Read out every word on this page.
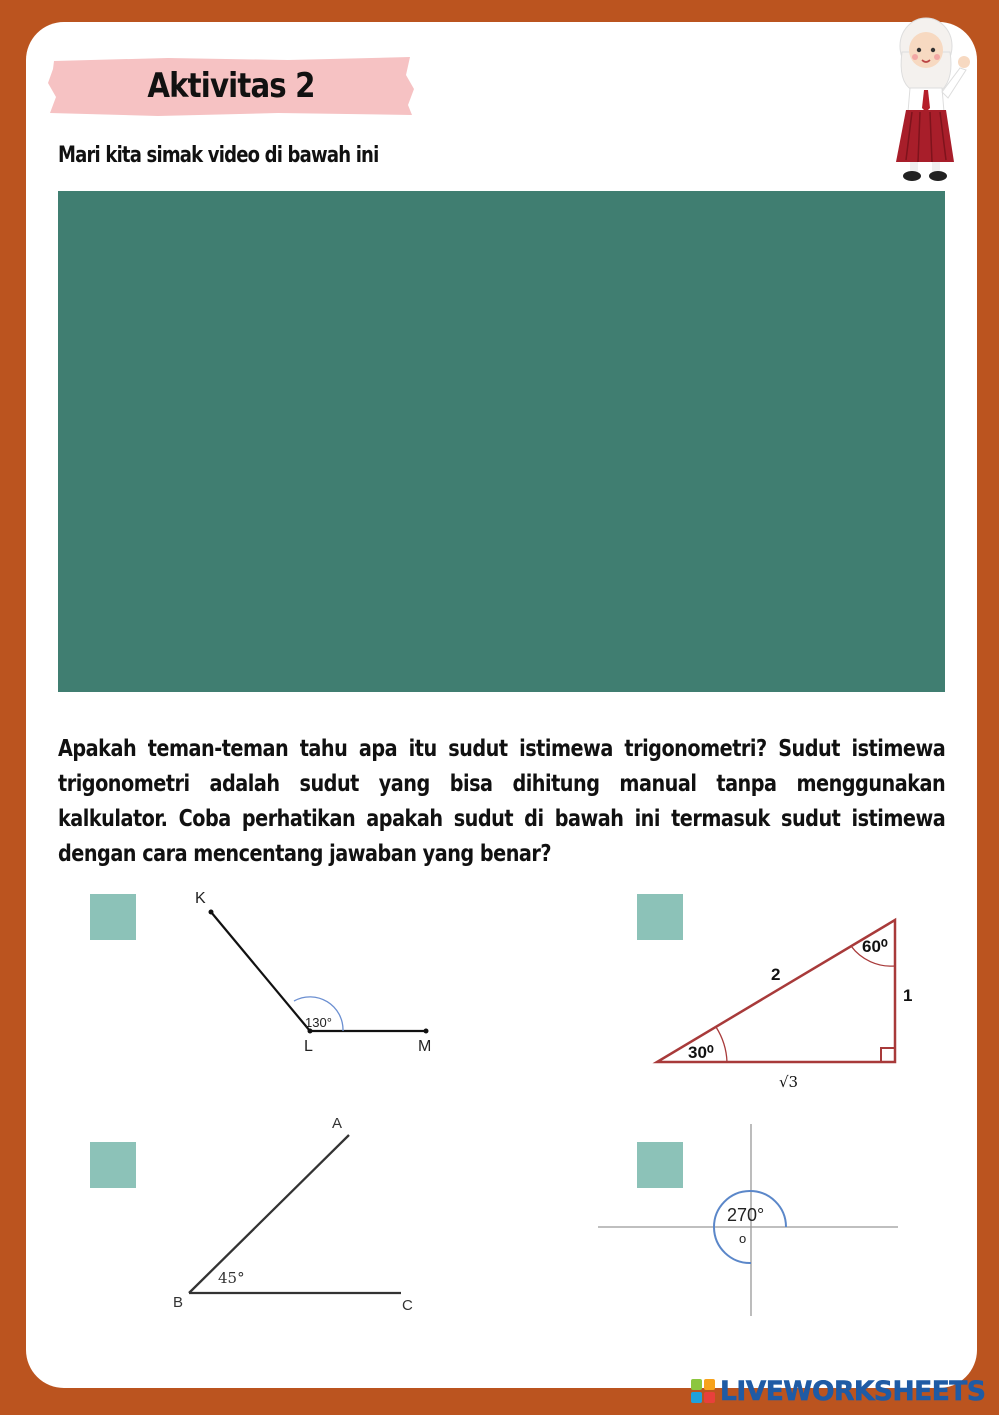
Aktivitas 2
Mari kita simak video di bawah ini
Apakah teman-teman tahu apa itu sudut istimewa trigonometri? Sudut istimewa trigonometri adalah sudut yang bisa dihitung manual tanpa menggunakan kalkulator. Coba perhatikan apakah sudut di bawah ini termasuk sudut istimewa dengan cara mencentang jawaban yang benar?
K
L	M
130°
30⁰
60⁰
2
1
√3
A
B	C
45°
270°
o
LIVEWORKSHEETS
